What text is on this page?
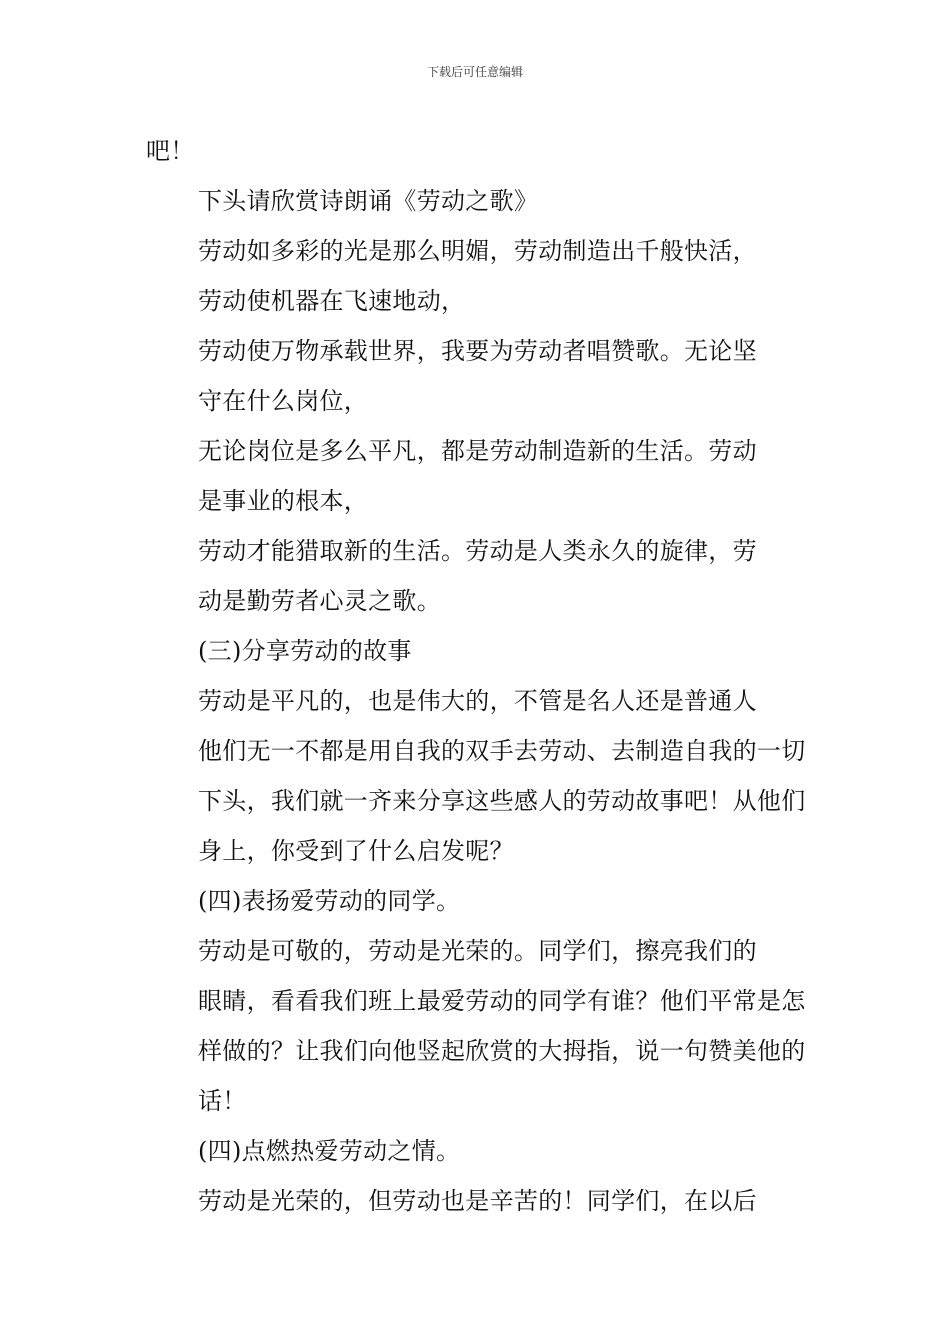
下载后可任意编辑

吧！

下头请欣赏诗朗诵《劳动之歌》

劳动如多彩的光是那么明媚，劳动制造出千般快活，
劳动使机器在飞速地动，

劳动使万物承载世界，我要为劳动者唱赞歌。无论坚
守在什么岗位，

无论岗位是多么平凡，都是劳动制造新的生活。劳动
是事业的根本，

劳动才能猎取新的生活。劳动是人类永久的旋律，劳
动是勤劳者心灵之歌。

(三)分享劳动的故事

劳动是平凡的，也是伟大的，不管是名人还是普通人
他们无一不都是用自我的双手去劳动、去制造自我的一切
下头，我们就一齐来分享这些感人的劳动故事吧！从他们
身上，你受到了什么启发呢？

(四)表扬爱劳动的同学。

劳动是可敬的，劳动是光荣的。同学们，擦亮我们的
眼睛，看看我们班上最爱劳动的同学有谁？他们平常是怎
样做的？让我们向他竖起欣赏的大拇指，说一句赞美他的
话！

(四)点燃热爱劳动之情。

劳动是光荣的，但劳动也是辛苦的！同学们，在以后
